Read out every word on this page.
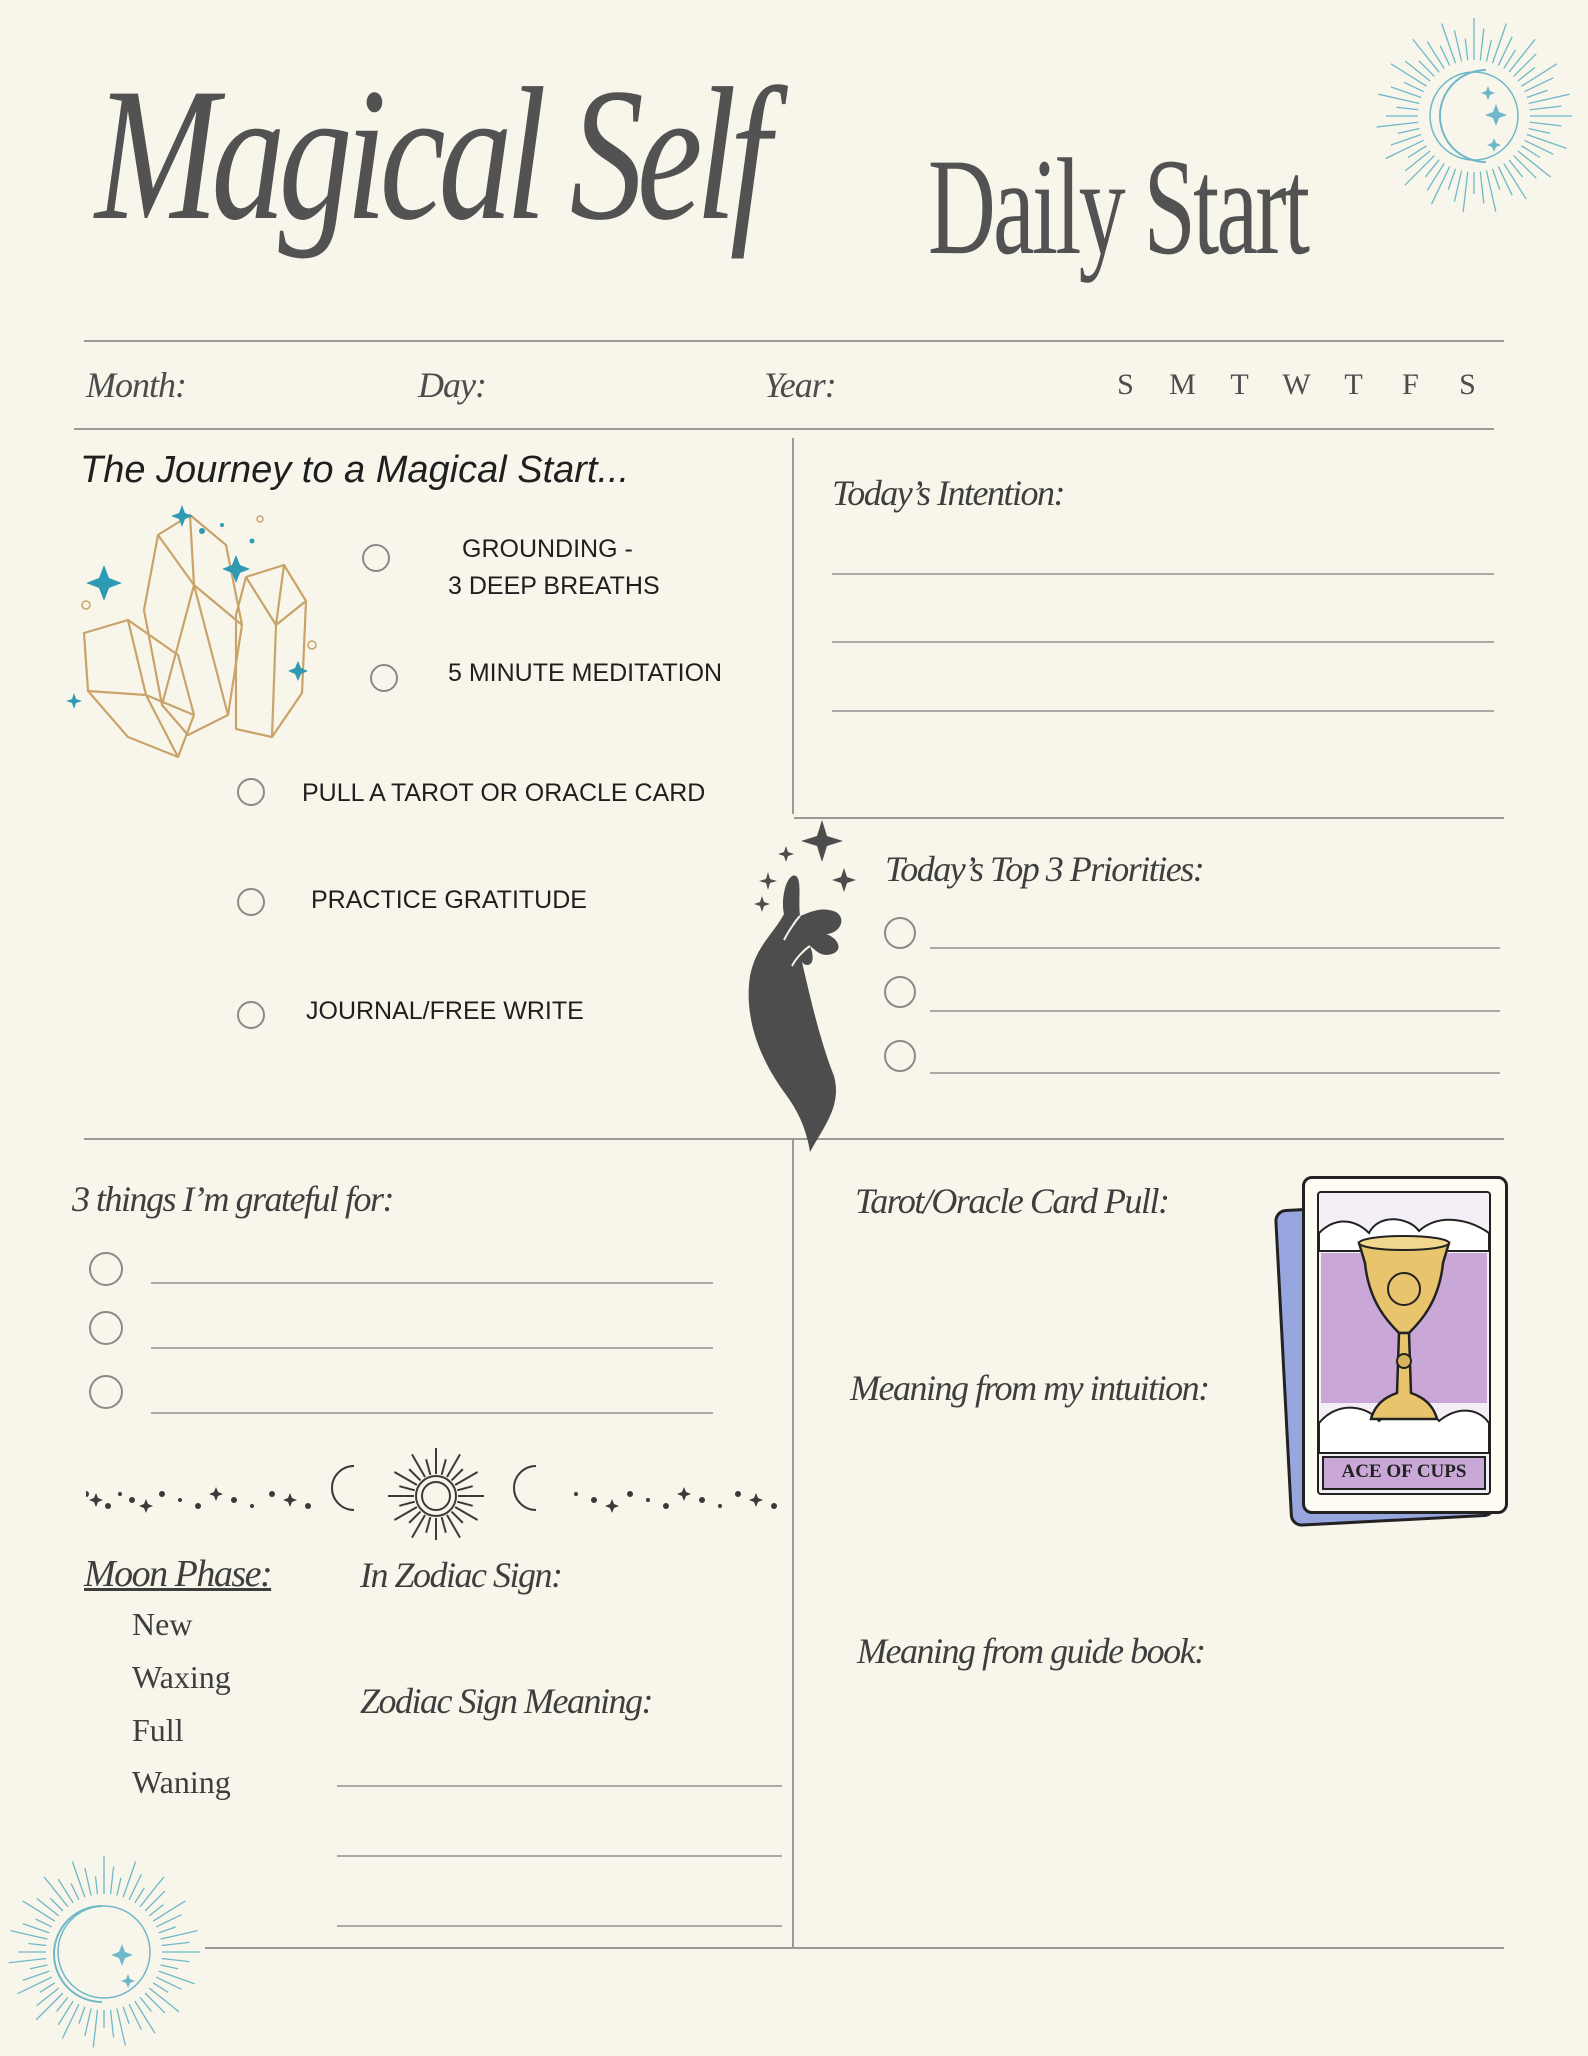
Magical Self Daily Start
Month:	Day:	Year:	S M T W T F S
The Journey to a Magical Start...
GROUNDING -
3 DEEP BREATHS
5 MINUTE MEDITATION
PULL A TAROT OR ORACLE CARD
PRACTICE GRATITUDE
JOURNAL/FREE WRITE
Today’s Intention:
Today’s Top 3 Priorities:
3 things I’m grateful for:
Moon Phase:
New
Waxing
Full
Waning
In Zodiac Sign:
Zodiac Sign Meaning:
Tarot/Oracle Card Pull:
Meaning from my intuition:
Meaning from guide book:
ACE OF CUPS
